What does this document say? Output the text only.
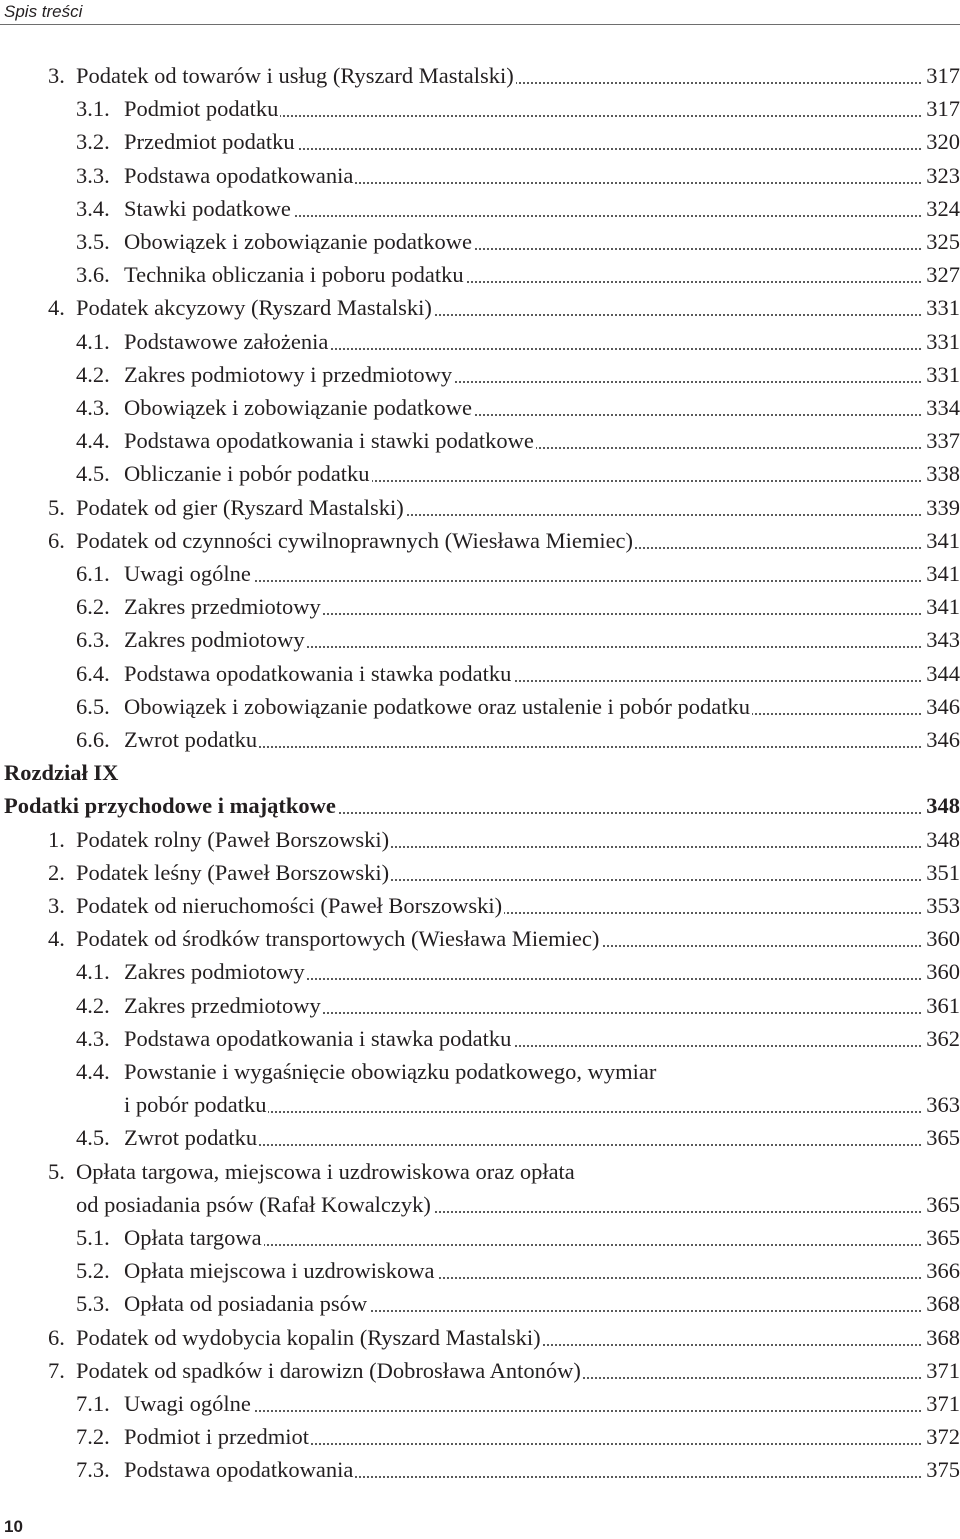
Spis treści
3. Podatek od towarów i usług (Ryszard Mastalski)	317
3.1. Podmiot podatku	317
3.2. Przedmiot podatku	320
3.3. Podstawa opodatkowania	323
3.4. Stawki podatkowe	324
3.5. Obowiązek i zobowiązanie podatkowe	325
3.6. Technika obliczania i poboru podatku	327
4. Podatek akcyzowy (Ryszard Mastalski)	331
4.1. Podstawowe założenia	331
4.2. Zakres podmiotowy i przedmiotowy	331
4.3. Obowiązek i zobowiązanie podatkowe	334
4.4. Podstawa opodatkowania i stawki podatkowe	337
4.5. Obliczanie i pobór podatku	338
5. Podatek od gier (Ryszard Mastalski)	339
6. Podatek od czynności cywilnoprawnych (Wiesława Miemiec)	341
6.1. Uwagi ogólne	341
6.2. Zakres przedmiotowy	341
6.3. Zakres podmiotowy	343
6.4. Podstawa opodatkowania i stawka podatku	344
6.5. Obowiązek i zobowiązanie podatkowe oraz ustalenie i pobór podatku	346
6.6. Zwrot podatku	346
Rozdział IX
Podatki przychodowe i majątkowe	348
1. Podatek rolny (Paweł Borszowski)	348
2. Podatek leśny (Paweł Borszowski)	351
3. Podatek od nieruchomości (Paweł Borszowski)	353
4. Podatek od środków transportowych (Wiesława Miemiec)	360
4.1. Zakres podmiotowy	360
4.2. Zakres przedmiotowy	361
4.3. Podstawa opodatkowania i stawka podatku	362
4.4. Powstanie i wygaśnięcie obowiązku podatkowego, wymiar
i pobór podatku	363
4.5. Zwrot podatku	365
5. Opłata targowa, miejscowa i uzdrowiskowa oraz opłata
od posiadania psów (Rafał Kowalczyk)	365
5.1. Opłata targowa	365
5.2. Opłata miejscowa i uzdrowiskowa	366
5.3. Opłata od posiadania psów	368
6. Podatek od wydobycia kopalin (Ryszard Mastalski)	368
7. Podatek od spadków i darowizn (Dobrosława Antonów)	371
7.1. Uwagi ogólne	371
7.2. Podmiot i przedmiot	372
7.3. Podstawa opodatkowania	375
10
